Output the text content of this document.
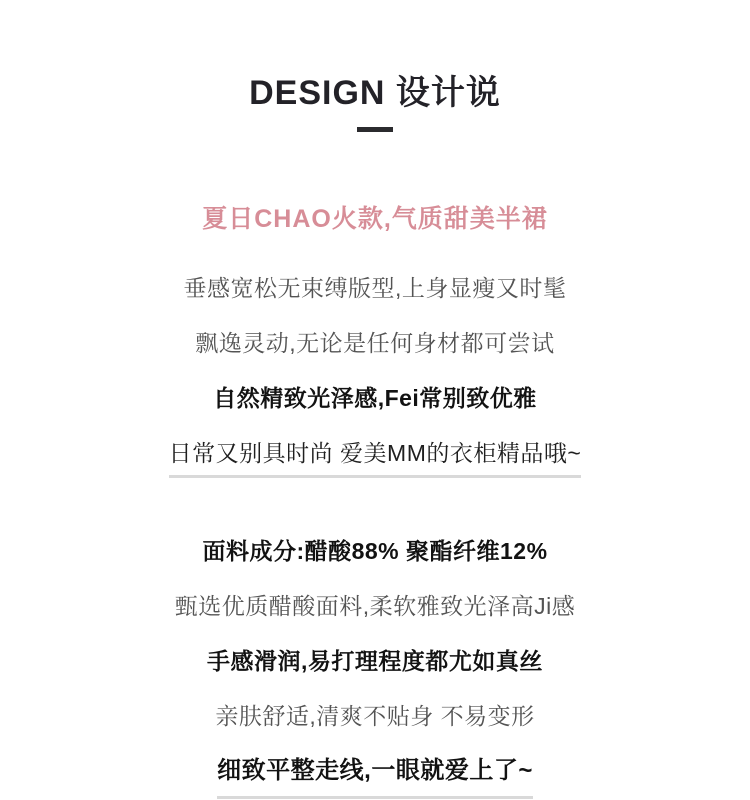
DESIGN 设计说

夏日CHAO火款,气质甜美半裙

垂感宽松无束缚版型,上身显瘦又时髦

飘逸灵动,无论是任何身材都可尝试

自然精致光泽感,Fei常别致优雅

日常又别具时尚 爱美MM的衣柜精品哦~

面料成分:醋酸88% 聚酯纤维12%

甄选优质醋酸面料,柔软雅致光泽高Ji感

手感滑润,易打理程度都尤如真丝

亲肤舒适,清爽不贴身 不易变形

细致平整走线,一眼就爱上了~
